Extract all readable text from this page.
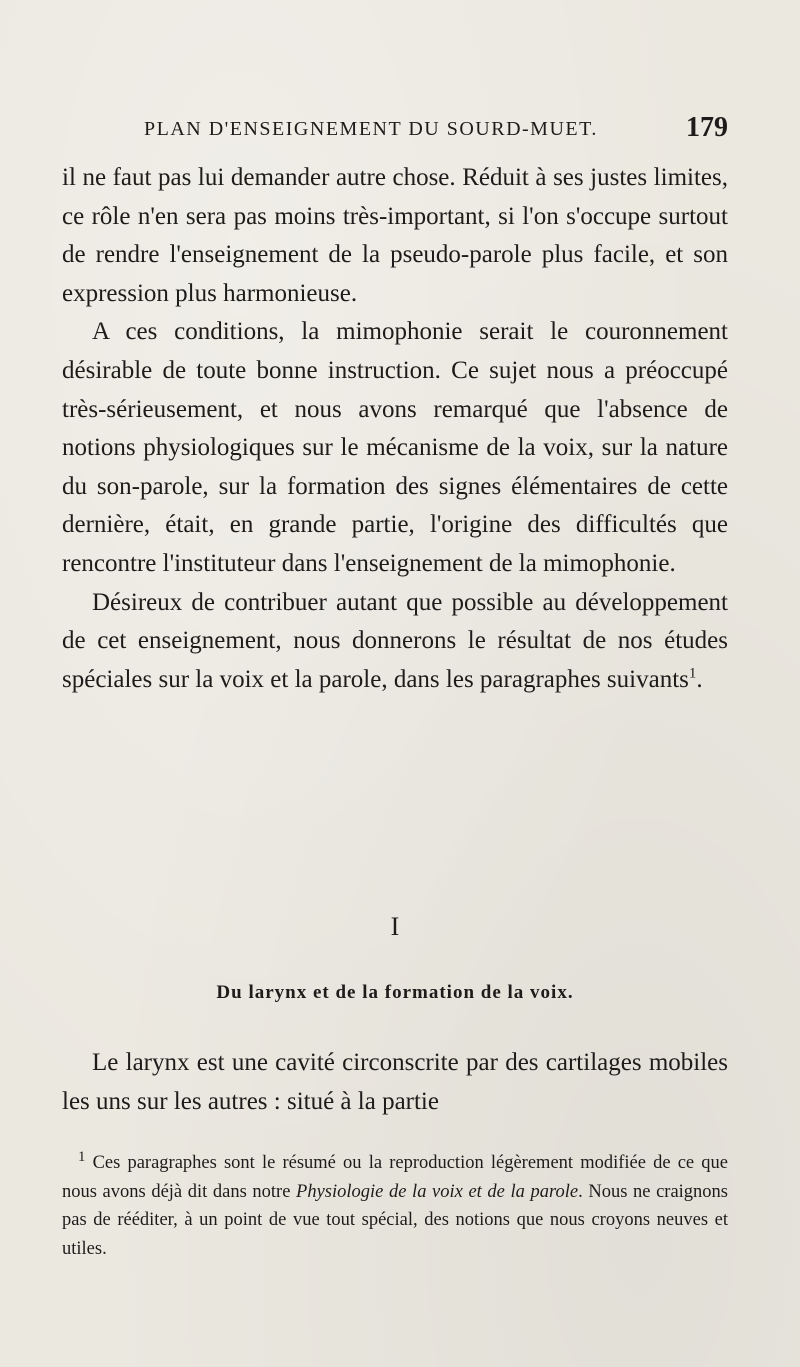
PLAN D'ENSEIGNEMENT DU SOURD-MUET.	179

il ne faut pas lui demander autre chose. Réduit à ses justes limites, ce rôle n'en sera pas moins très-important, si l'on s'occupe surtout de rendre l'enseignement de la pseudo-parole plus facile, et son expression plus harmonieuse.

A ces conditions, la mimophonie serait le couronnement désirable de toute bonne instruction. Ce sujet nous a préoccupé très-sérieusement, et nous avons remarqué que l'absence de notions physiologiques sur le mécanisme de la voix, sur la nature du son-parole, sur la formation des signes élémentaires de cette dernière, était, en grande partie, l'origine des difficultés que rencontre l'instituteur dans l'enseignement de la mimophonie.

Désireux de contribuer autant que possible au développement de cet enseignement, nous donnerons le résultat de nos études spéciales sur la voix et la parole, dans les paragraphes suivants$^1$.

I
Du larynx et de la formation de la voix.

Le larynx est une cavité circonscrite par des cartilages mobiles les uns sur les autres : situé à la partie

$^1$ Ces paragraphes sont le résumé ou la reproduction légèrement modifiée de ce que nous avons déjà dit dans notre Physiologie de la voix et de la parole. Nous ne craignons pas de rééditer, à un point de vue tout spécial, des notions que nous croyons neuves et utiles.
